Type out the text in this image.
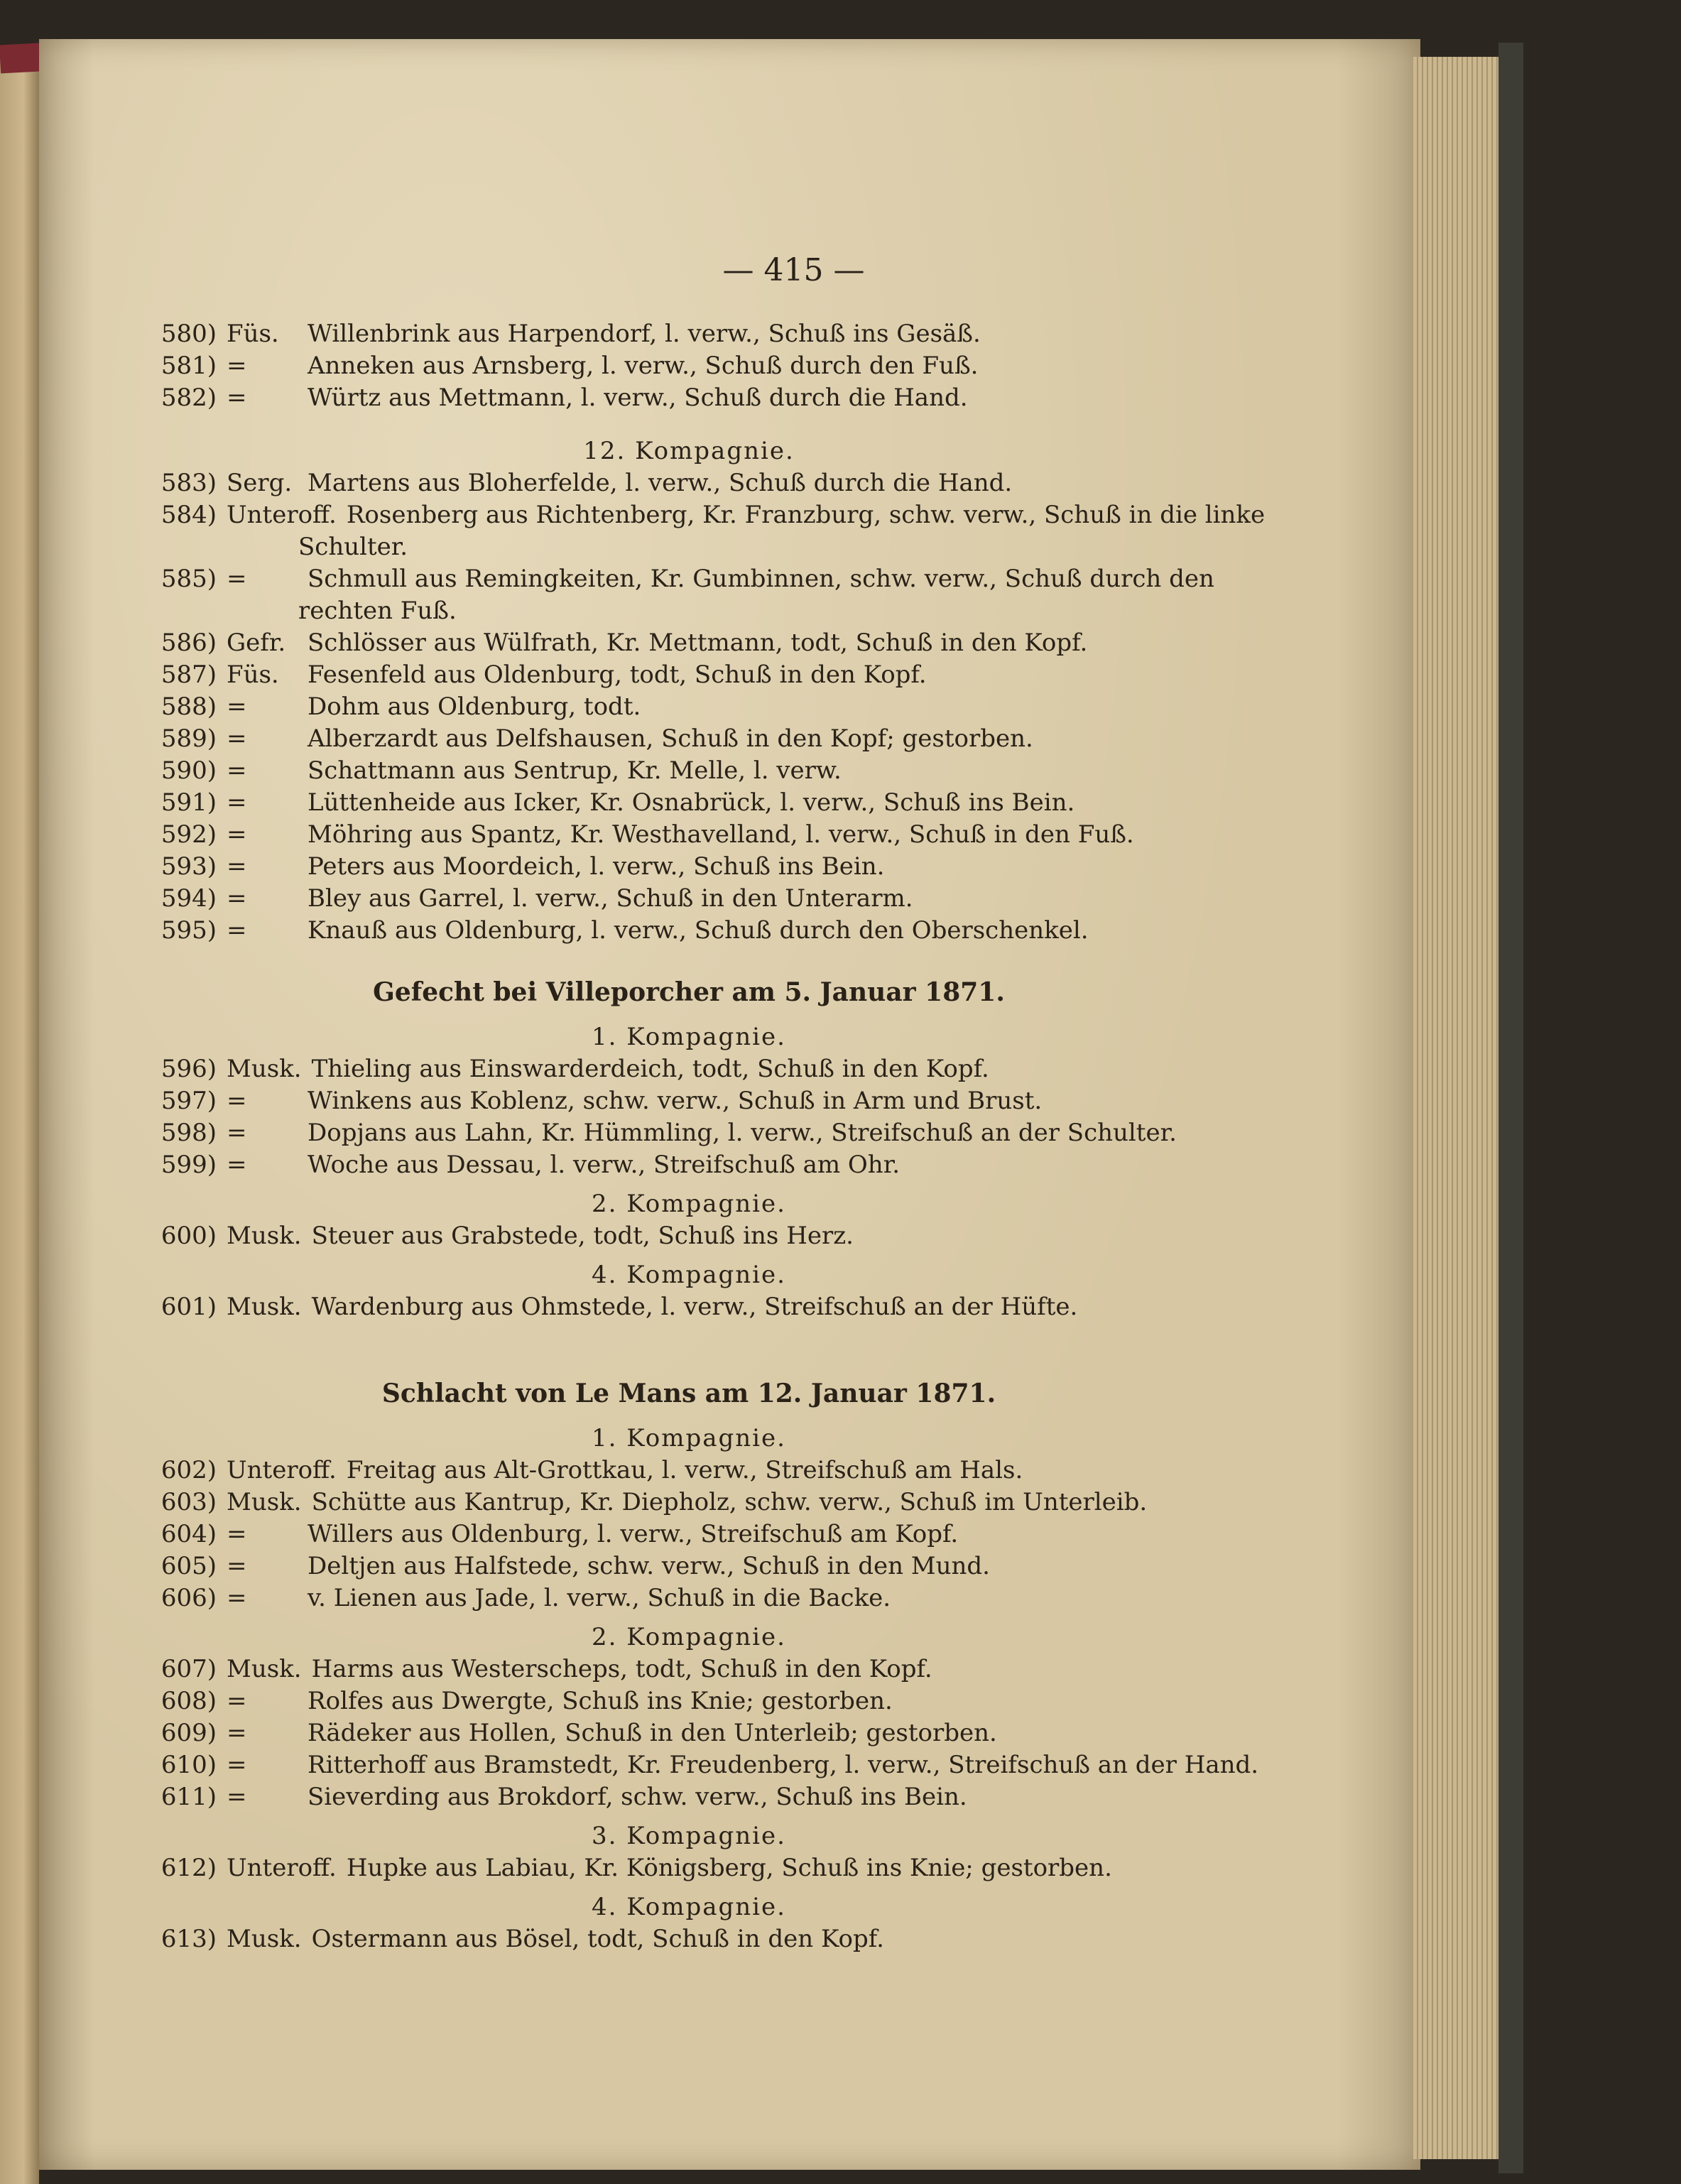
— 415 —
580) Füs. Willenbrink aus Harpendorf, l. verw., Schuß ins Gesäß.
581) =	Anneken aus Arnsberg, l. verw., Schuß durch den Fuß.
582) =	Würtz aus Mettmann, l. verw., Schuß durch die Hand.
12. Kompagnie.
583) Serg. Martens aus Bloherfelde, l. verw., Schuß durch die Hand.
584) Unteroff. Rosenberg aus Richtenberg, Kr. Franzburg, schw. verw., Schuß in die linke
Schulter.
585) =	Schmull aus Remingkeiten, Kr. Gumbinnen, schw. verw., Schuß durch den
rechten Fuß.
586) Gefr. Schlösser aus Wülfrath, Kr. Mettmann, todt, Schuß in den Kopf.
587) Füs. Fesenfeld aus Oldenburg, todt, Schuß in den Kopf.
588) =	Dohm aus Oldenburg, todt.
589) =	Alberzardt aus Delfshausen, Schuß in den Kopf; gestorben.
590) =	Schattmann aus Sentrup, Kr. Melle, l. verw.
591) =	Lüttenheide aus Icker, Kr. Osnabrück, l. verw., Schuß ins Bein.
592) =	Möhring aus Spantz, Kr. Westhavelland, l. verw., Schuß in den Fuß.
593) =	Peters aus Moordeich, l. verw., Schuß ins Bein.
594) =	Bley aus Garrel, l. verw., Schuß in den Unterarm.
595) =	Knauß aus Oldenburg, l. verw., Schuß durch den Oberschenkel.
Gefecht bei Villeporcher am 5. Januar 1871.
1. Kompagnie.
596) Musk. Thieling aus Einswarderdeich, todt, Schuß in den Kopf.
597) =	Winkens aus Koblenz, schw. verw., Schuß in Arm und Brust.
598) =	Dopjans aus Lahn, Kr. Hümmling, l. verw., Streifschuß an der Schulter.
599) =	Woche aus Dessau, l. verw., Streifschuß am Ohr.
2. Kompagnie.
600) Musk. Steuer aus Grabstede, todt, Schuß ins Herz.
4. Kompagnie.
601) Musk. Wardenburg aus Ohmstede, l. verw., Streifschuß an der Hüfte.
Schlacht von Le Mans am 12. Januar 1871.
1. Kompagnie.
602) Unteroff. Freitag aus Alt-Grottkau, l. verw., Streifschuß am Hals.
603) Musk. Schütte aus Kantrup, Kr. Diepholz, schw. verw., Schuß im Unterleib.
604) =	Willers aus Oldenburg, l. verw., Streifschuß am Kopf.
605) =	Deltjen aus Halfstede, schw. verw., Schuß in den Mund.
606) =	v. Lienen aus Jade, l. verw., Schuß in die Backe.
2. Kompagnie.
607) Musk. Harms aus Westerscheps, todt, Schuß in den Kopf.
608) =	Rolfes aus Dwergte, Schuß ins Knie; gestorben.
609) =	Rädeker aus Hollen, Schuß in den Unterleib; gestorben.
610) =	Ritterhoff aus Bramstedt, Kr. Freudenberg, l. verw., Streifschuß an der Hand.
611) =	Sieverding aus Brokdorf, schw. verw., Schuß ins Bein.
3. Kompagnie.
612) Unteroff. Hupke aus Labiau, Kr. Königsberg, Schuß ins Knie; gestorben.
4. Kompagnie.
613) Musk. Ostermann aus Bösel, todt, Schuß in den Kopf.
